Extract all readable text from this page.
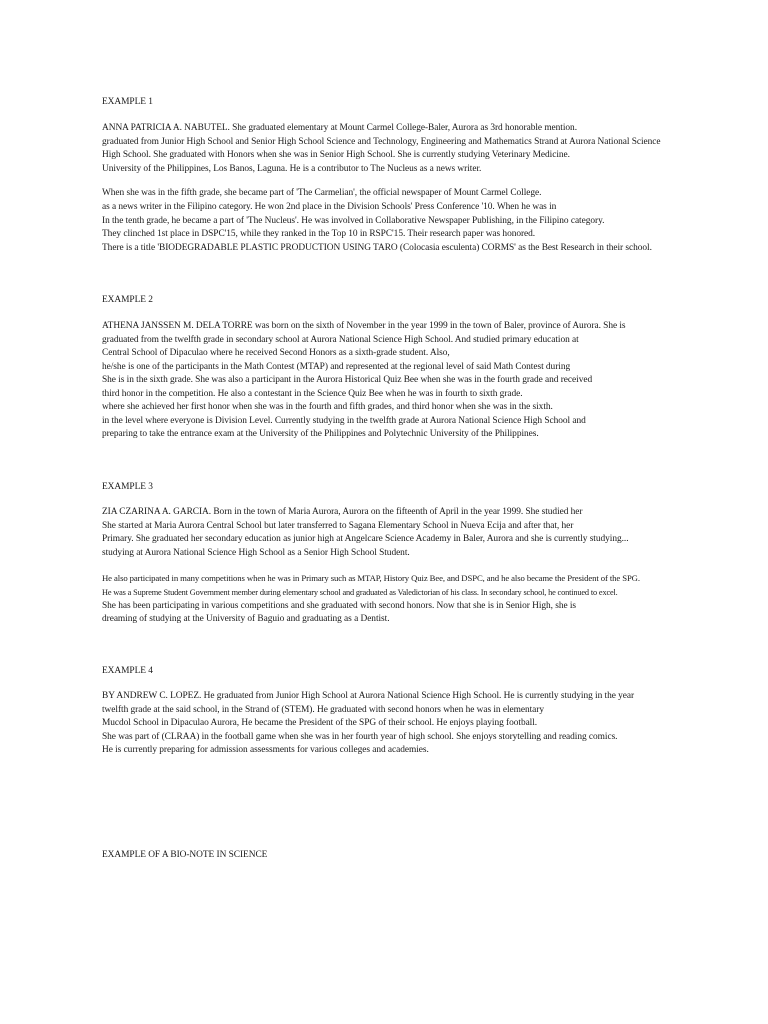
EXAMPLE 1
ANNA PATRICIA A. NABUTEL. She graduated elementary at Mount Carmel College-Baler, Aurora as 3rd honorable mention.
graduated from Junior High School and Senior High School Science and Technology, Engineering and Mathematics Strand at Aurora National Science
High School. She graduated with Honors when she was in Senior High School. She is currently studying Veterinary Medicine.
University of the Philippines, Los Banos, Laguna. He is a contributor to The Nucleus as a news writer.
When she was in the fifth grade, she became part of 'The Carmelian', the official newspaper of Mount Carmel College.
as a news writer in the Filipino category. He won 2nd place in the Division Schools' Press Conference '10. When he was in
In the tenth grade, he became a part of 'The Nucleus'. He was involved in Collaborative Newspaper Publishing, in the Filipino category.
They clinched 1st place in DSPC'15, while they ranked in the Top 10 in RSPC'15. Their research paper was honored.
There is a title 'BIODEGRADABLE PLASTIC PRODUCTION USING TARO (Colocasia esculenta) CORMS' as the Best Research in their school.
EXAMPLE 2
ATHENA JANSSEN M. DELA TORRE was born on the sixth of November in the year 1999 in the town of Baler, province of Aurora. She is
graduated from the twelfth grade in secondary school at Aurora National Science High School. And studied primary education at
Central School of Dipaculao where he received Second Honors as a sixth-grade student. Also,
he/she is one of the participants in the Math Contest (MTAP) and represented at the regional level of said Math Contest during
She is in the sixth grade. She was also a participant in the Aurora Historical Quiz Bee when she was in the fourth grade and received
third honor in the competition. He also a contestant in the Science Quiz Bee when he was in fourth to sixth grade.
where she achieved her first honor when she was in the fourth and fifth grades, and third honor when she was in the sixth.
in the level where everyone is Division Level. Currently studying in the twelfth grade at Aurora National Science High School and
preparing to take the entrance exam at the University of the Philippines and Polytechnic University of the Philippines.
EXAMPLE 3
ZIA CZARINA A. GARCIA. Born in the town of Maria Aurora, Aurora on the fifteenth of April in the year 1999. She studied her
She started at Maria Aurora Central School but later transferred to Sagana Elementary School in Nueva Ecija and after that, her
Primary. She graduated her secondary education as junior high at Angelcare Science Academy in Baler, Aurora and she is currently studying...
studying at Aurora National Science High School as a Senior High School Student.
He also participated in many competitions when he was in Primary such as MTAP, History Quiz Bee, and DSPC, and he also became the President of the SPG.
He was a Supreme Student Government member during elementary school and graduated as Valedictorian of his class. In secondary school, he continued to excel.
She has been participating in various competitions and she graduated with second honors. Now that she is in Senior High, she is
dreaming of studying at the University of Baguio and graduating as a Dentist.
EXAMPLE 4
BY ANDREW C. LOPEZ. He graduated from Junior High School at Aurora National Science High School. He is currently studying in the year
twelfth grade at the said school, in the Strand of (STEM). He graduated with second honors when he was in elementary
Mucdol School in Dipaculao Aurora, He became the President of the SPG of their school. He enjoys playing football.
She was part of (CLRAA) in the football game when she was in her fourth year of high school. She enjoys storytelling and reading comics.
He is currently preparing for admission assessments for various colleges and academies.
EXAMPLE OF A BIO-NOTE IN SCIENCE
